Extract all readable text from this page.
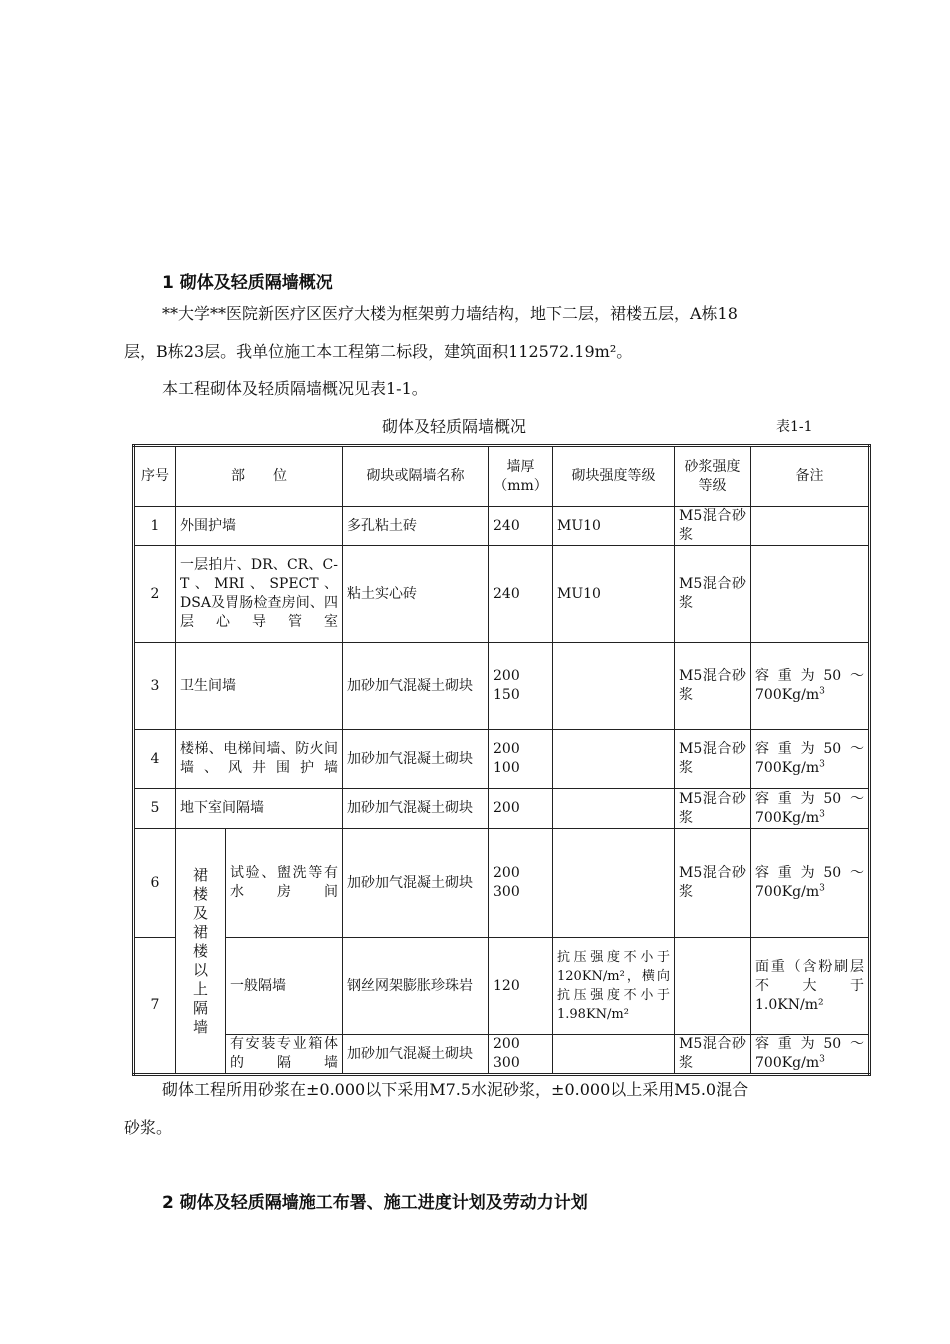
1 砌体及轻质隔墙概况
**大学**医院新医疗区医疗大楼为框架剪力墙结构，地下二层，裙楼五层，A栋18
层，B栋23层。我单位施工本工程第二标段，建筑面积112572.19m²。
本工程砌体及轻质隔墙概况见表1-1。
砌体及轻质隔墙概况	表1-1
序号	部　　位		砌块或隔墙名称	墙厚（mm）	砌块强度等级	砂浆强度等级	备注
1	外围护墙		多孔粘土砖	240	MU10	M5混合砂浆	
2	一层拍片、DR、CR、C-T、MRI、SPECT、DSA及胃肠检查房间、四层心导管室		粘土实心砖	240	MU10	M5混合砂浆	
3	卫生间墙		加砂加气混凝土砌块	200 150		M5混合砂浆	容重为$50\sim 700Kg/m^3$
4	楼梯、电梯间墙、防火间墙、风井围护墙		加砂加气混凝土砌块	200 100		M5混合砂浆	容重为$50\sim 700Kg/m^3$
5	地下室间隔墙		加砂加气混凝土砌块	200		M5混合砂浆	容重为$50\sim 700Kg/m^3$
6	裙楼及裙楼以上隔墙	试验、盥洗等有水房间	加砂加气混凝土砌块	200 300		M5混合砂浆	容重为$50\sim 700Kg/m^3$
7		一般隔墙	钢丝网架膨胀珍珠岩	120	抗压强度不小于120KN/m²，横向抗压强度不小于1.98KN/m²		面重（含粉刷层不大于1.0KN/m²
		有安装专业箱体的隔墙	加砂加气混凝土砌块	200 300		M5混合砂浆	容重为$50\sim 700Kg/m^3$
砌体工程所用砂浆在±0.000以下采用M7.5水泥砂浆，±0.000以上采用M5.0混合
砂浆。
2 砌体及轻质隔墙施工布署、施工进度计划及劳动力计划
